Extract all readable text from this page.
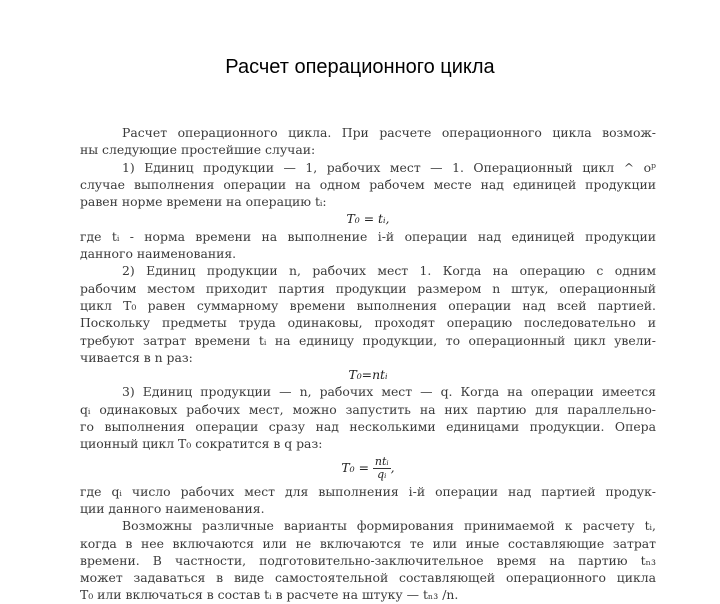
Расчет операционного цикла
Расчет операционного цикла. При расчете операционного цикла возмож-
ны следующие простейшие случаи:
1) Единиц продукции — 1, рабочих мест — 1. Операционный цикл ^ оᵖ
случае выполнения операции на одном рабочем месте над единицей продукции
равен норме времени на операцию tᵢ:
T₀ = tᵢ,
где tᵢ - норма времени на выполнение i-й операции над единицей продукции
данного наименования.
2) Единиц продукции n, рабочих мест 1. Когда на операцию с одним
рабочим местом приходит партия продукции размером n штук, операционный
цикл T₀ равен суммарному времени выполнения операции над всей партией.
Поскольку предметы труда одинаковы, проходят операцию последовательно и
требуют затрат времени tᵢ на единицу продукции, то операционный цикл увели-
чивается в n раз:
T₀=ntᵢ
3) Единиц продукции — n, рабочих мест — q. Когда на операции имеется
qᵢ одинаковых рабочих мест, можно запустить на них партию для параллельно-
го выполнения операции сразу над несколькими единицами продукции. Опера
ционный цикл T₀ сократится в q раз:
$T_0 = \frac{\text{ntᵢ}}{\text{qᵢ}}$ ,
где qᵢ число рабочих мест для выполнения i-й операции над партией продук-
ции данного наименования.
Возможны различные варианты формирования принимаемой к расчету tᵢ,
когда в нее включаются или не включаются те или иные составляющие затрат
времени. В частности, подготовительно-заключительное время на партию tₙ₃
может задаваться в виде самостоятельной составляющей операционного цикла
T₀ или включаться в состав tᵢ в расчете на штуку — tₙ₃ /n.
